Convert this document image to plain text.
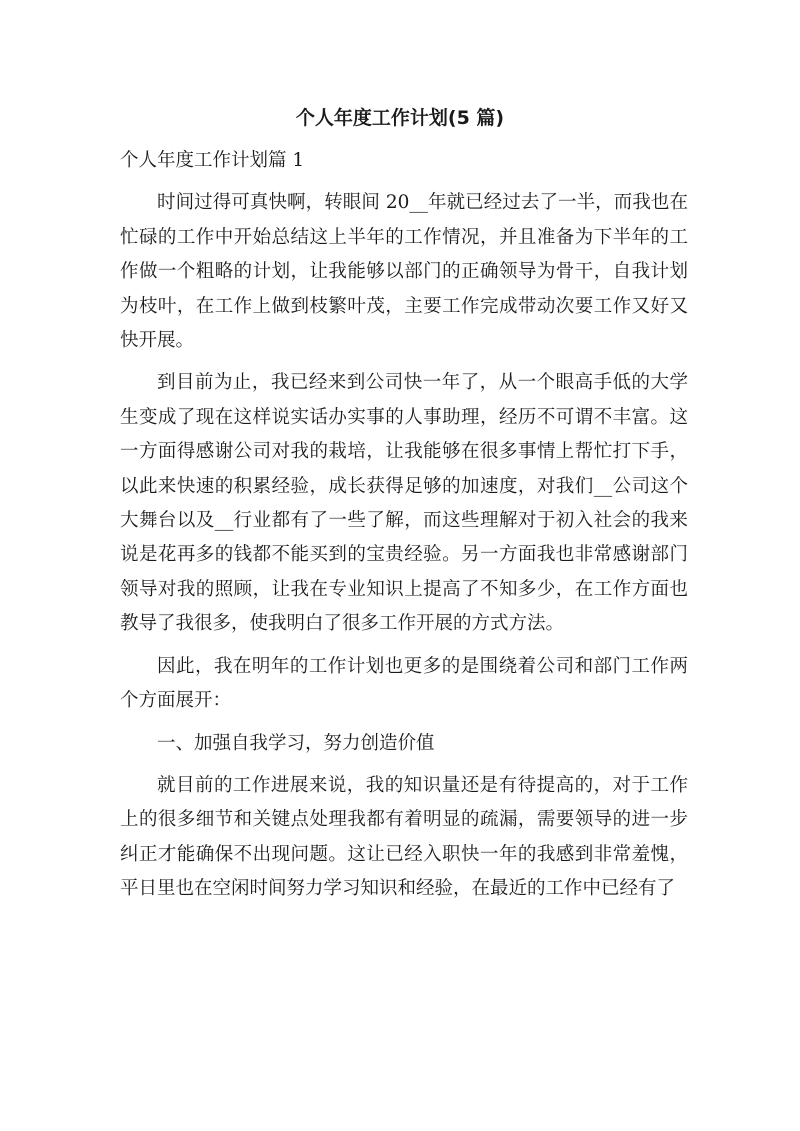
个人年度工作计划(5 篇)

个人年度工作计划篇 1

时间过得可真快啊，转眼间 20__年就已经过去了一半，而我也在忙碌的工作中开始总结这上半年的工作情况，并且准备为下半年的工作做一个粗略的计划，让我能够以部门的正确领导为骨干，自我计划为枝叶，在工作上做到枝繁叶茂，主要工作完成带动次要工作又好又快开展。

到目前为止，我已经来到公司快一年了，从一个眼高手低的大学生变成了现在这样说实话办实事的人事助理，经历不可谓不丰富。这一方面得感谢公司对我的栽培，让我能够在很多事情上帮忙打下手，以此来快速的积累经验，成长获得足够的加速度，对我们__公司这个大舞台以及__行业都有了一些了解，而这些理解对于初入社会的我来说是花再多的钱都不能买到的宝贵经验。另一方面我也非常感谢部门领导对我的照顾，让我在专业知识上提高了不知多少，在工作方面也教导了我很多，使我明白了很多工作开展的方式方法。

因此，我在明年的工作计划也更多的是围绕着公司和部门工作两个方面展开：

一、加强自我学习，努力创造价值

就目前的工作进展来说，我的知识量还是有待提高的，对于工作上的很多细节和关键点处理我都有着明显的疏漏，需要领导的进一步纠正才能确保不出现问题。这让已经入职快一年的我感到非常羞愧，平日里也在空闲时间努力学习知识和经验，在最近的工作中已经有了
